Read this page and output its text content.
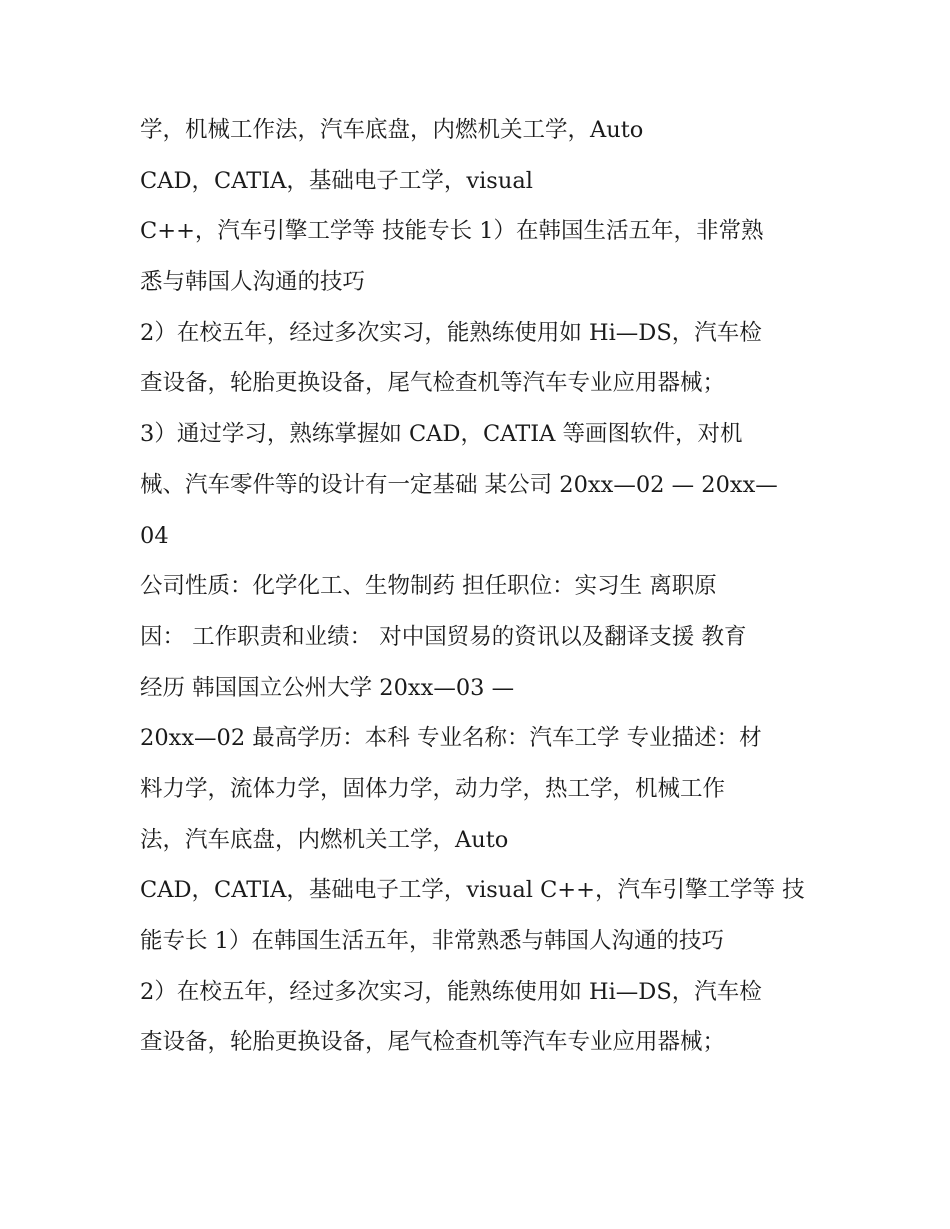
学，机械工作法，汽车底盘，内燃机关工学，Auto
CAD，CATIA，基础电子工学，visual
C++，汽车引擎工学等 技能专长 1）在韩国生活五年，非常熟
悉与韩国人沟通的技巧
2）在校五年，经过多次实习，能熟练使用如 Hi—DS，汽车检
查设备，轮胎更换设备，尾气检查机等汽车专业应用器械；
3）通过学习，熟练掌握如 CAD，CATIA 等画图软件，对机
械、汽车零件等的设计有一定基础 某公司 20xx—02 — 20xx—
04
公司性质：化学化工、生物制药 担任职位：实习生 离职原
因： 工作职责和业绩： 对中国贸易的资讯以及翻译支援 教育
经历 韩国国立公州大学 20xx—03 —
20xx—02 最高学历：本科 专业名称：汽车工学 专业描述：材
料力学，流体力学，固体力学，动力学，热工学，机械工作
法，汽车底盘，内燃机关工学，Auto
CAD，CATIA，基础电子工学，visual C++，汽车引擎工学等 技
能专长 1）在韩国生活五年，非常熟悉与韩国人沟通的技巧
2）在校五年，经过多次实习，能熟练使用如 Hi—DS，汽车检
查设备，轮胎更换设备，尾气检查机等汽车专业应用器械；
